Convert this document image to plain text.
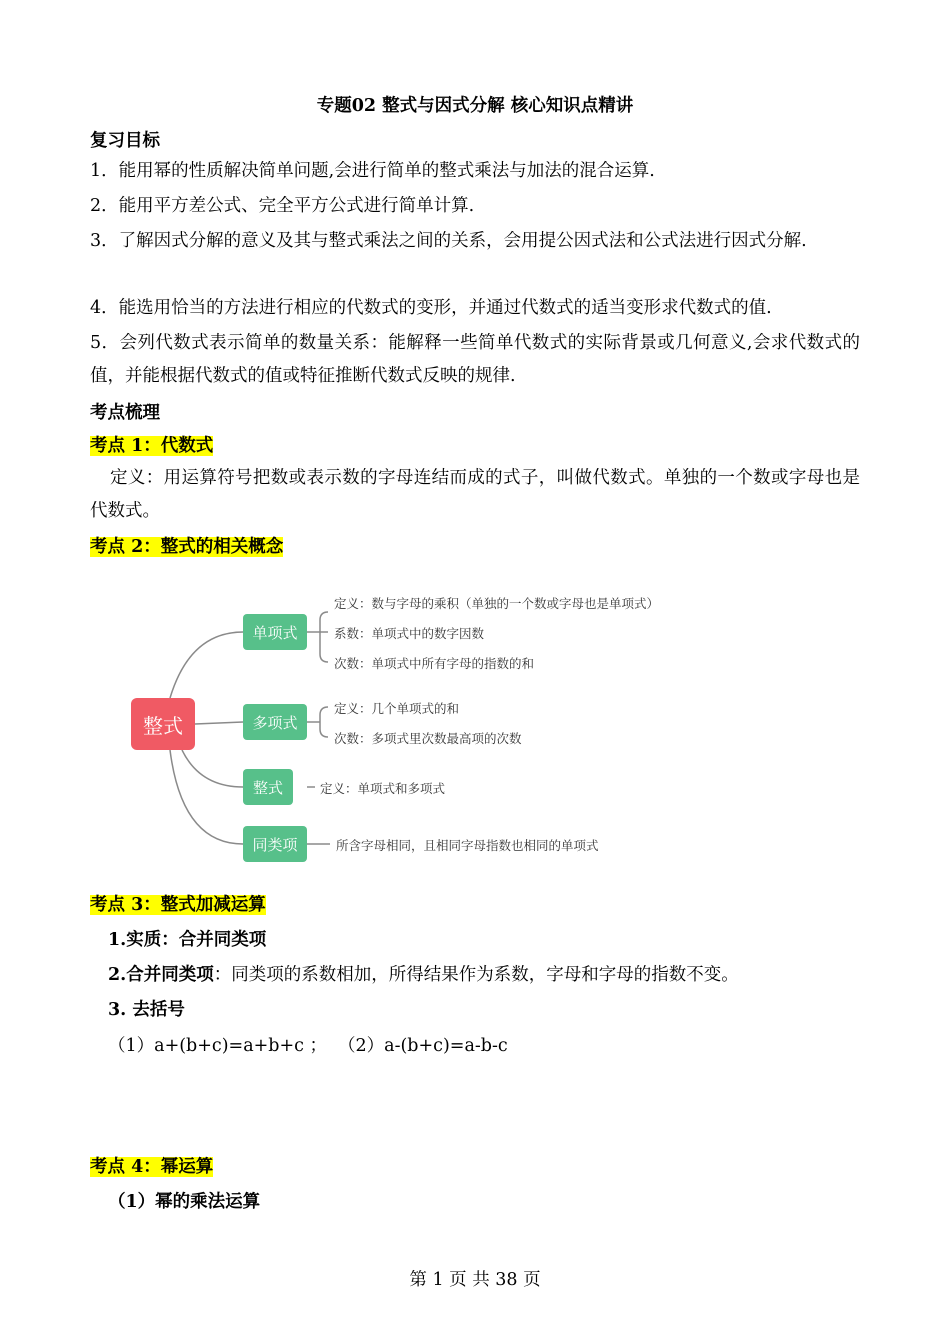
专题02 整式与因式分解 核心知识点精讲
复习目标
1．能用幂的性质解决简单问题,会进行简单的整式乘法与加法的混合运算.
2．能用平方差公式、完全平方公式进行简单计算.
3．了解因式分解的意义及其与整式乘法之间的关系，会用提公因式法和公式法进行因式分解.
4．能选用恰当的方法进行相应的代数式的变形，并通过代数式的适当变形求代数式的值.
5．会列代数式表示简单的数量关系：能解释一些简单代数式的实际背景或几何意义,会求代数式的值，并能根据代数式的值或特征推断代数式反映的规律.
考点梳理
考点 1：代数式
定义：用运算符号把数或表示数的字母连结而成的式子，叫做代数式。单独的一个数或字母也是代数式。
考点 2：整式的相关概念
整式
单项式
多项式
整式
同类项
定义：数与字母的乘积（单独的一个数或字母也是单项式）
系数：单项式中的数字因数
次数：单项式中所有字母的指数的和
定义：几个单项式的和
次数：多项式里次数最高项的次数
定义：单项式和多项式
所含字母相同，且相同字母指数也相同的单项式
考点 3：整式加减运算
1.实质：合并同类项
2.合并同类项：同类项的系数相加，所得结果作为系数，字母和字母的指数不变。
3. 去括号
（1）a+(b+c)=a+b+c ； （2）a-(b+c)=a-b-c
考点 4：幂运算
（1）幂的乘法运算
第 1 页 共 38 页
